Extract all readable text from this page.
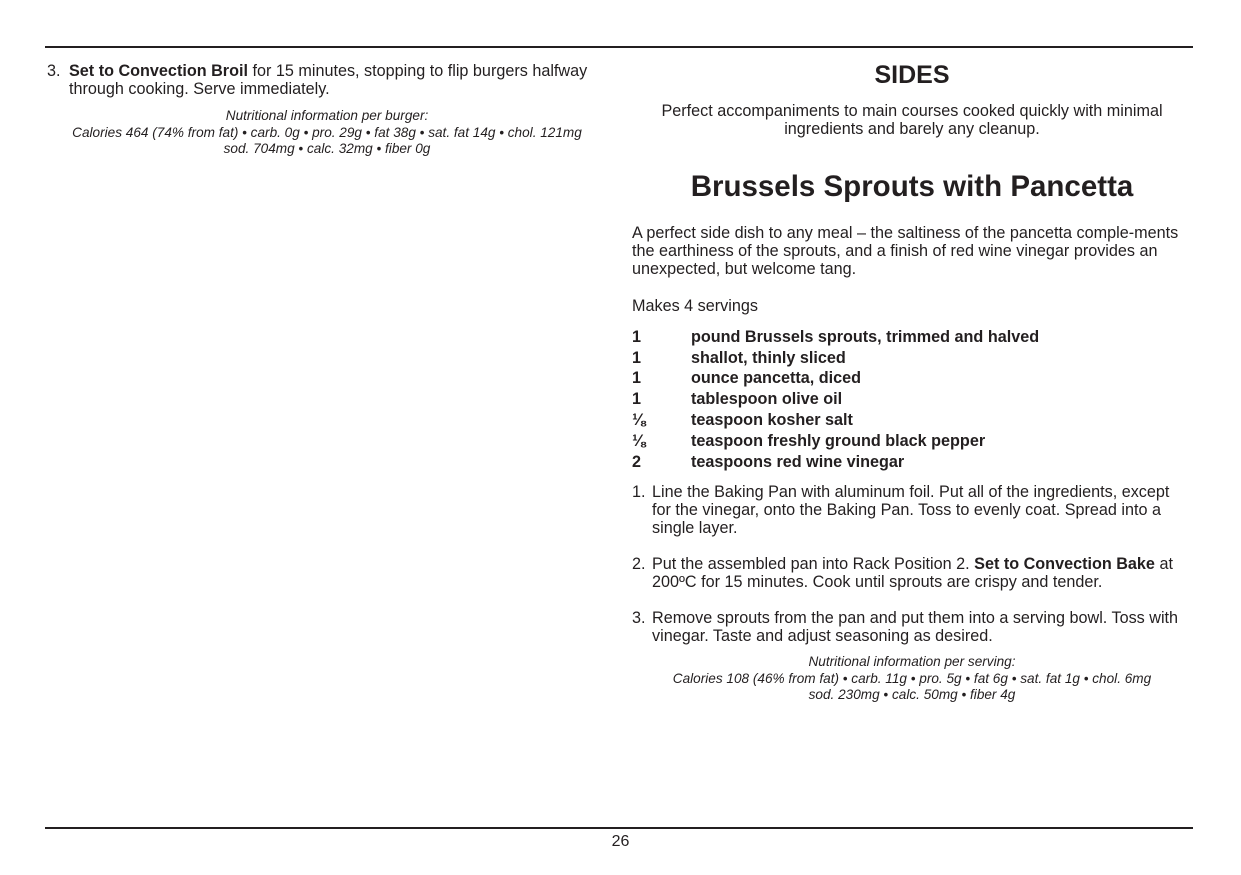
3. Set to Convection Broil for 15 minutes, stopping to flip burgers halfway through cooking. Serve immediately.
Nutritional information per burger:
Calories 464 (74% from fat) • carb. 0g • pro. 29g • fat 38g • sat. fat 14g • chol. 121mg
sod. 704mg • calc. 32mg • fiber 0g
SIDES
Perfect accompaniments to main courses cooked quickly with minimal ingredients and barely any cleanup.
Brussels Sprouts with Pancetta
A perfect side dish to any meal – the saltiness of the pancetta comple-ments the earthiness of the sprouts, and a finish of red wine vinegar provides an unexpected, but welcome tang.
Makes 4 servings
1	pound Brussels sprouts, trimmed and halved
1	shallot, thinly sliced
1	ounce pancetta, diced
1	tablespoon olive oil
⅛	teaspoon kosher salt
⅛	teaspoon freshly ground black pepper
2	teaspoons red wine vinegar
1. Line the Baking Pan with aluminum foil. Put all of the ingredients, except for the vinegar, onto the Baking Pan. Toss to evenly coat. Spread into a single layer.
2. Put the assembled pan into Rack Position 2. Set to Convection Bake at 200ºC for 15 minutes. Cook until sprouts are crispy and tender.
3. Remove sprouts from the pan and put them into a serving bowl. Toss with vinegar. Taste and adjust seasoning as desired.
Nutritional information per serving:
Calories 108 (46% from fat) • carb. 11g • pro. 5g • fat 6g • sat. fat 1g • chol. 6mg
sod. 230mg • calc. 50mg • fiber 4g
26
